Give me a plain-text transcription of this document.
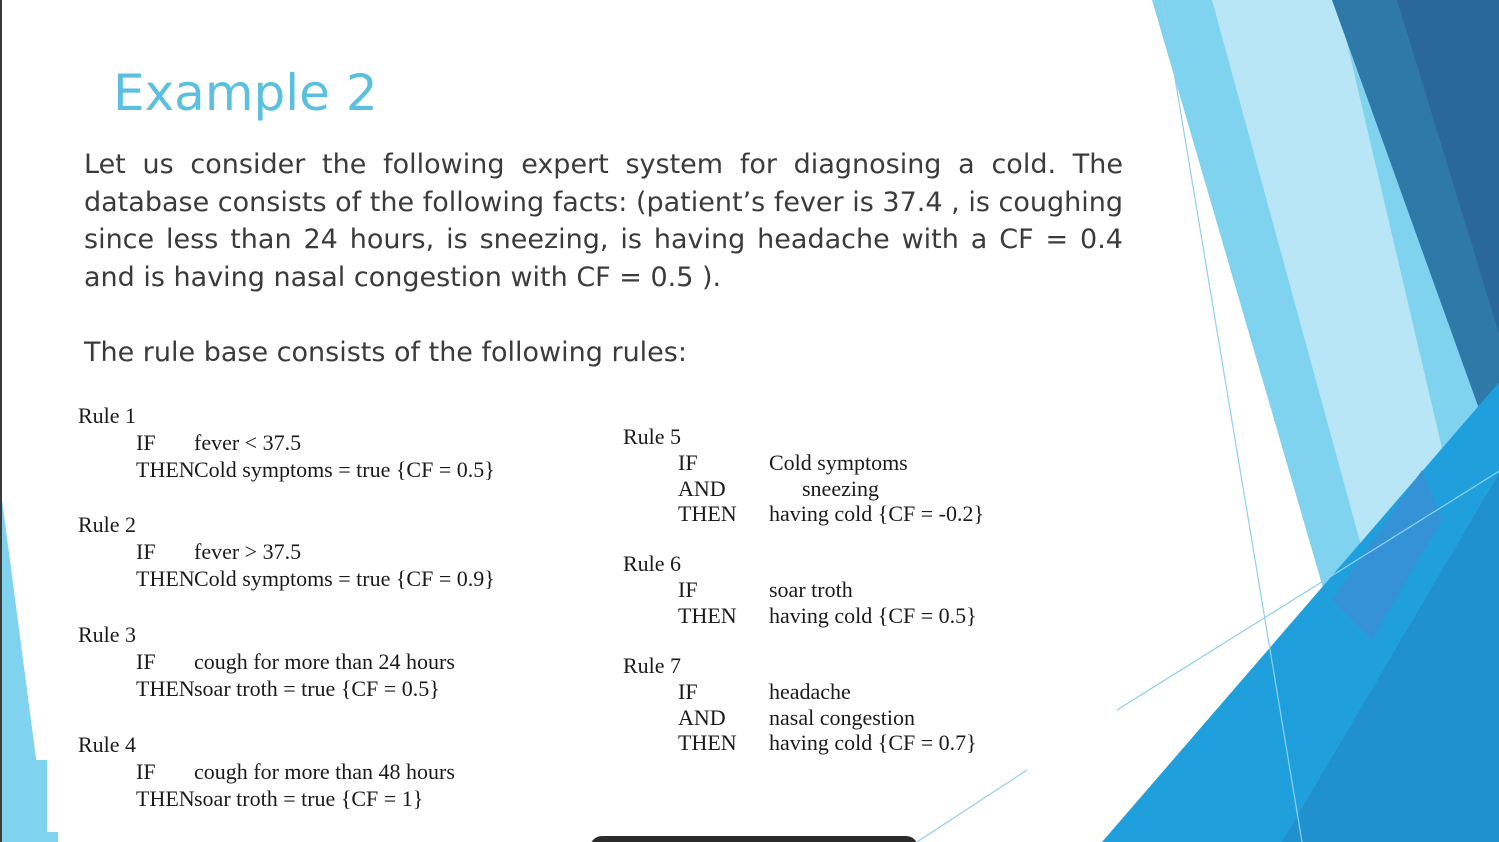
Example 2

Let us consider the following expert system for diagnosing a cold. The database consists of the following facts: (patient’s fever is 37.4 , is coughing since less than 24 hours, is sneezing, is having headache with a CF = 0.4 and is having nasal congestion with CF = 0.5 ).

The rule base consists of the following rules:

Rule 1
IF	fever < 37.5
THEN Cold symptoms = true {CF = 0.5}
Rule 2
IF	fever > 37.5
THEN Cold symptoms = true {CF = 0.9}
Rule 3
IF	cough for more than 24 hours
THEN soar troth = true {CF = 0.5}
Rule 4
IF	cough for more than 48 hours
THEN soar troth = true {CF = 1}
Rule 5
IF	Cold symptoms
AND	sneezing
THEN	having cold {CF = -0.2}
Rule 6
IF	soar troth
THEN	having cold {CF = 0.5}
Rule 7
IF	headache
AND	nasal congestion
THEN	having cold {CF = 0.7}
